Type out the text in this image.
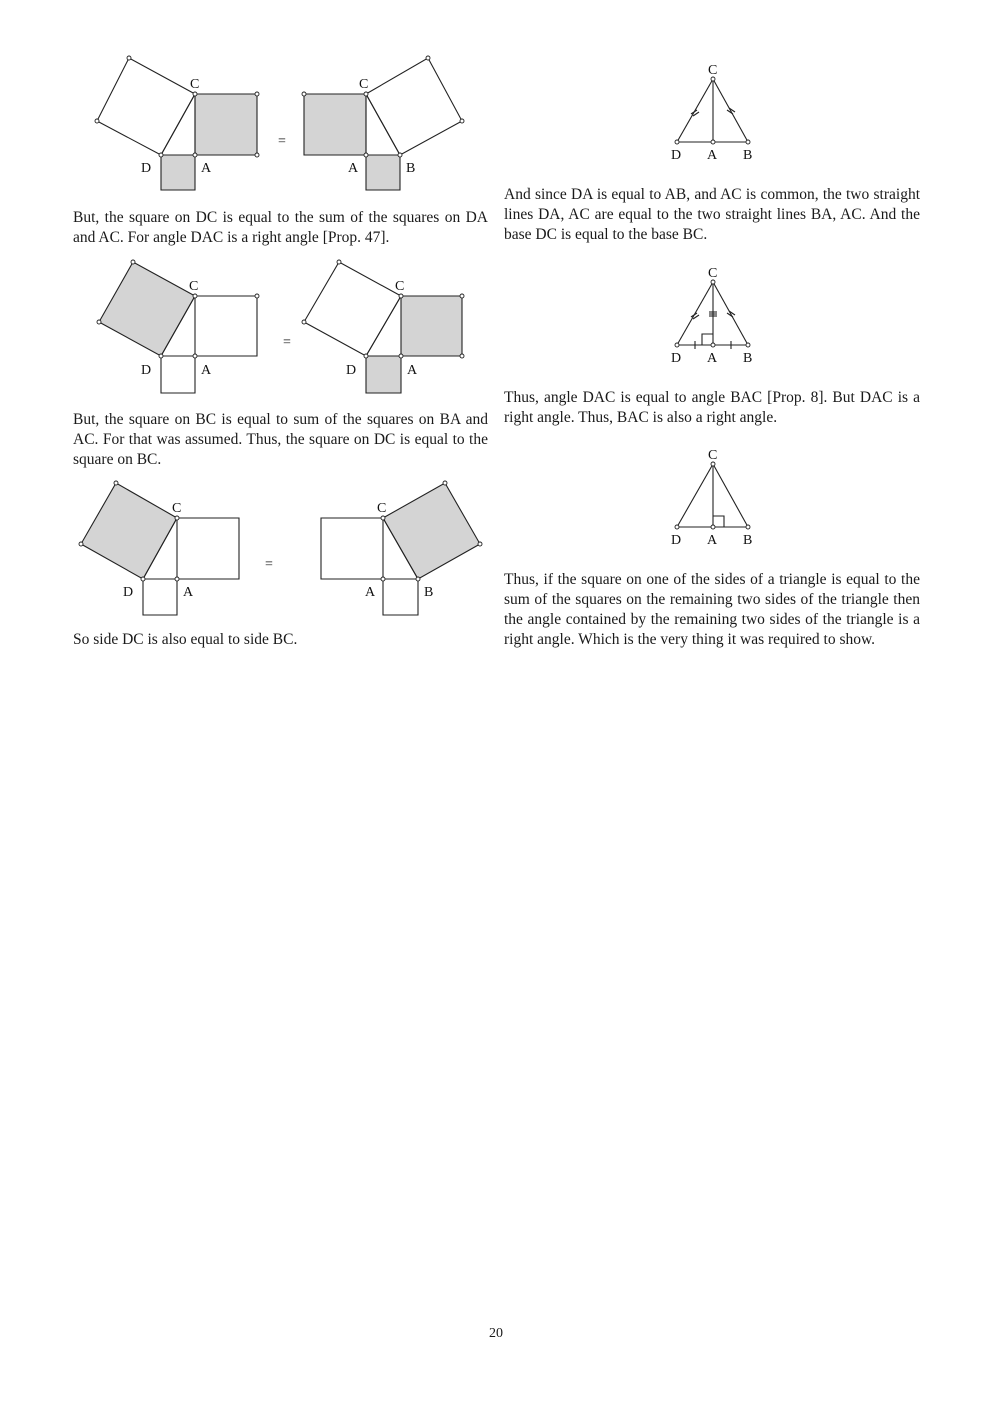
C
D	A
=
C
A	B
C
D	A
=
C
D	A
C
D	A
=
C
A	B
C
D A B
C
D A B
C
D A B

But, the square on DC is equal to the sum of the squares on DA and AC. For angle DAC is a right angle [Prop. 47].

But, the square on BC is equal to sum of the squares on BA and AC. For that was assumed. Thus, the square on DC is equal to the square on BC.

So side DC is also equal to side BC.

And since DA is equal to AB, and AC is common, the two straight lines DA, AC are equal to the two straight lines BA, AC. And the base DC is equal to the base BC.

Thus, angle DAC is equal to angle BAC [Prop. 8]. But DAC is a right angle. Thus, BAC is also a right angle.

Thus, if the square on one of the sides of a triangle is equal to the sum of the squares on the remaining two sides of the triangle then the angle contained by the remaining two sides of the triangle is a right angle. Which is the very thing it was required to show.

20
